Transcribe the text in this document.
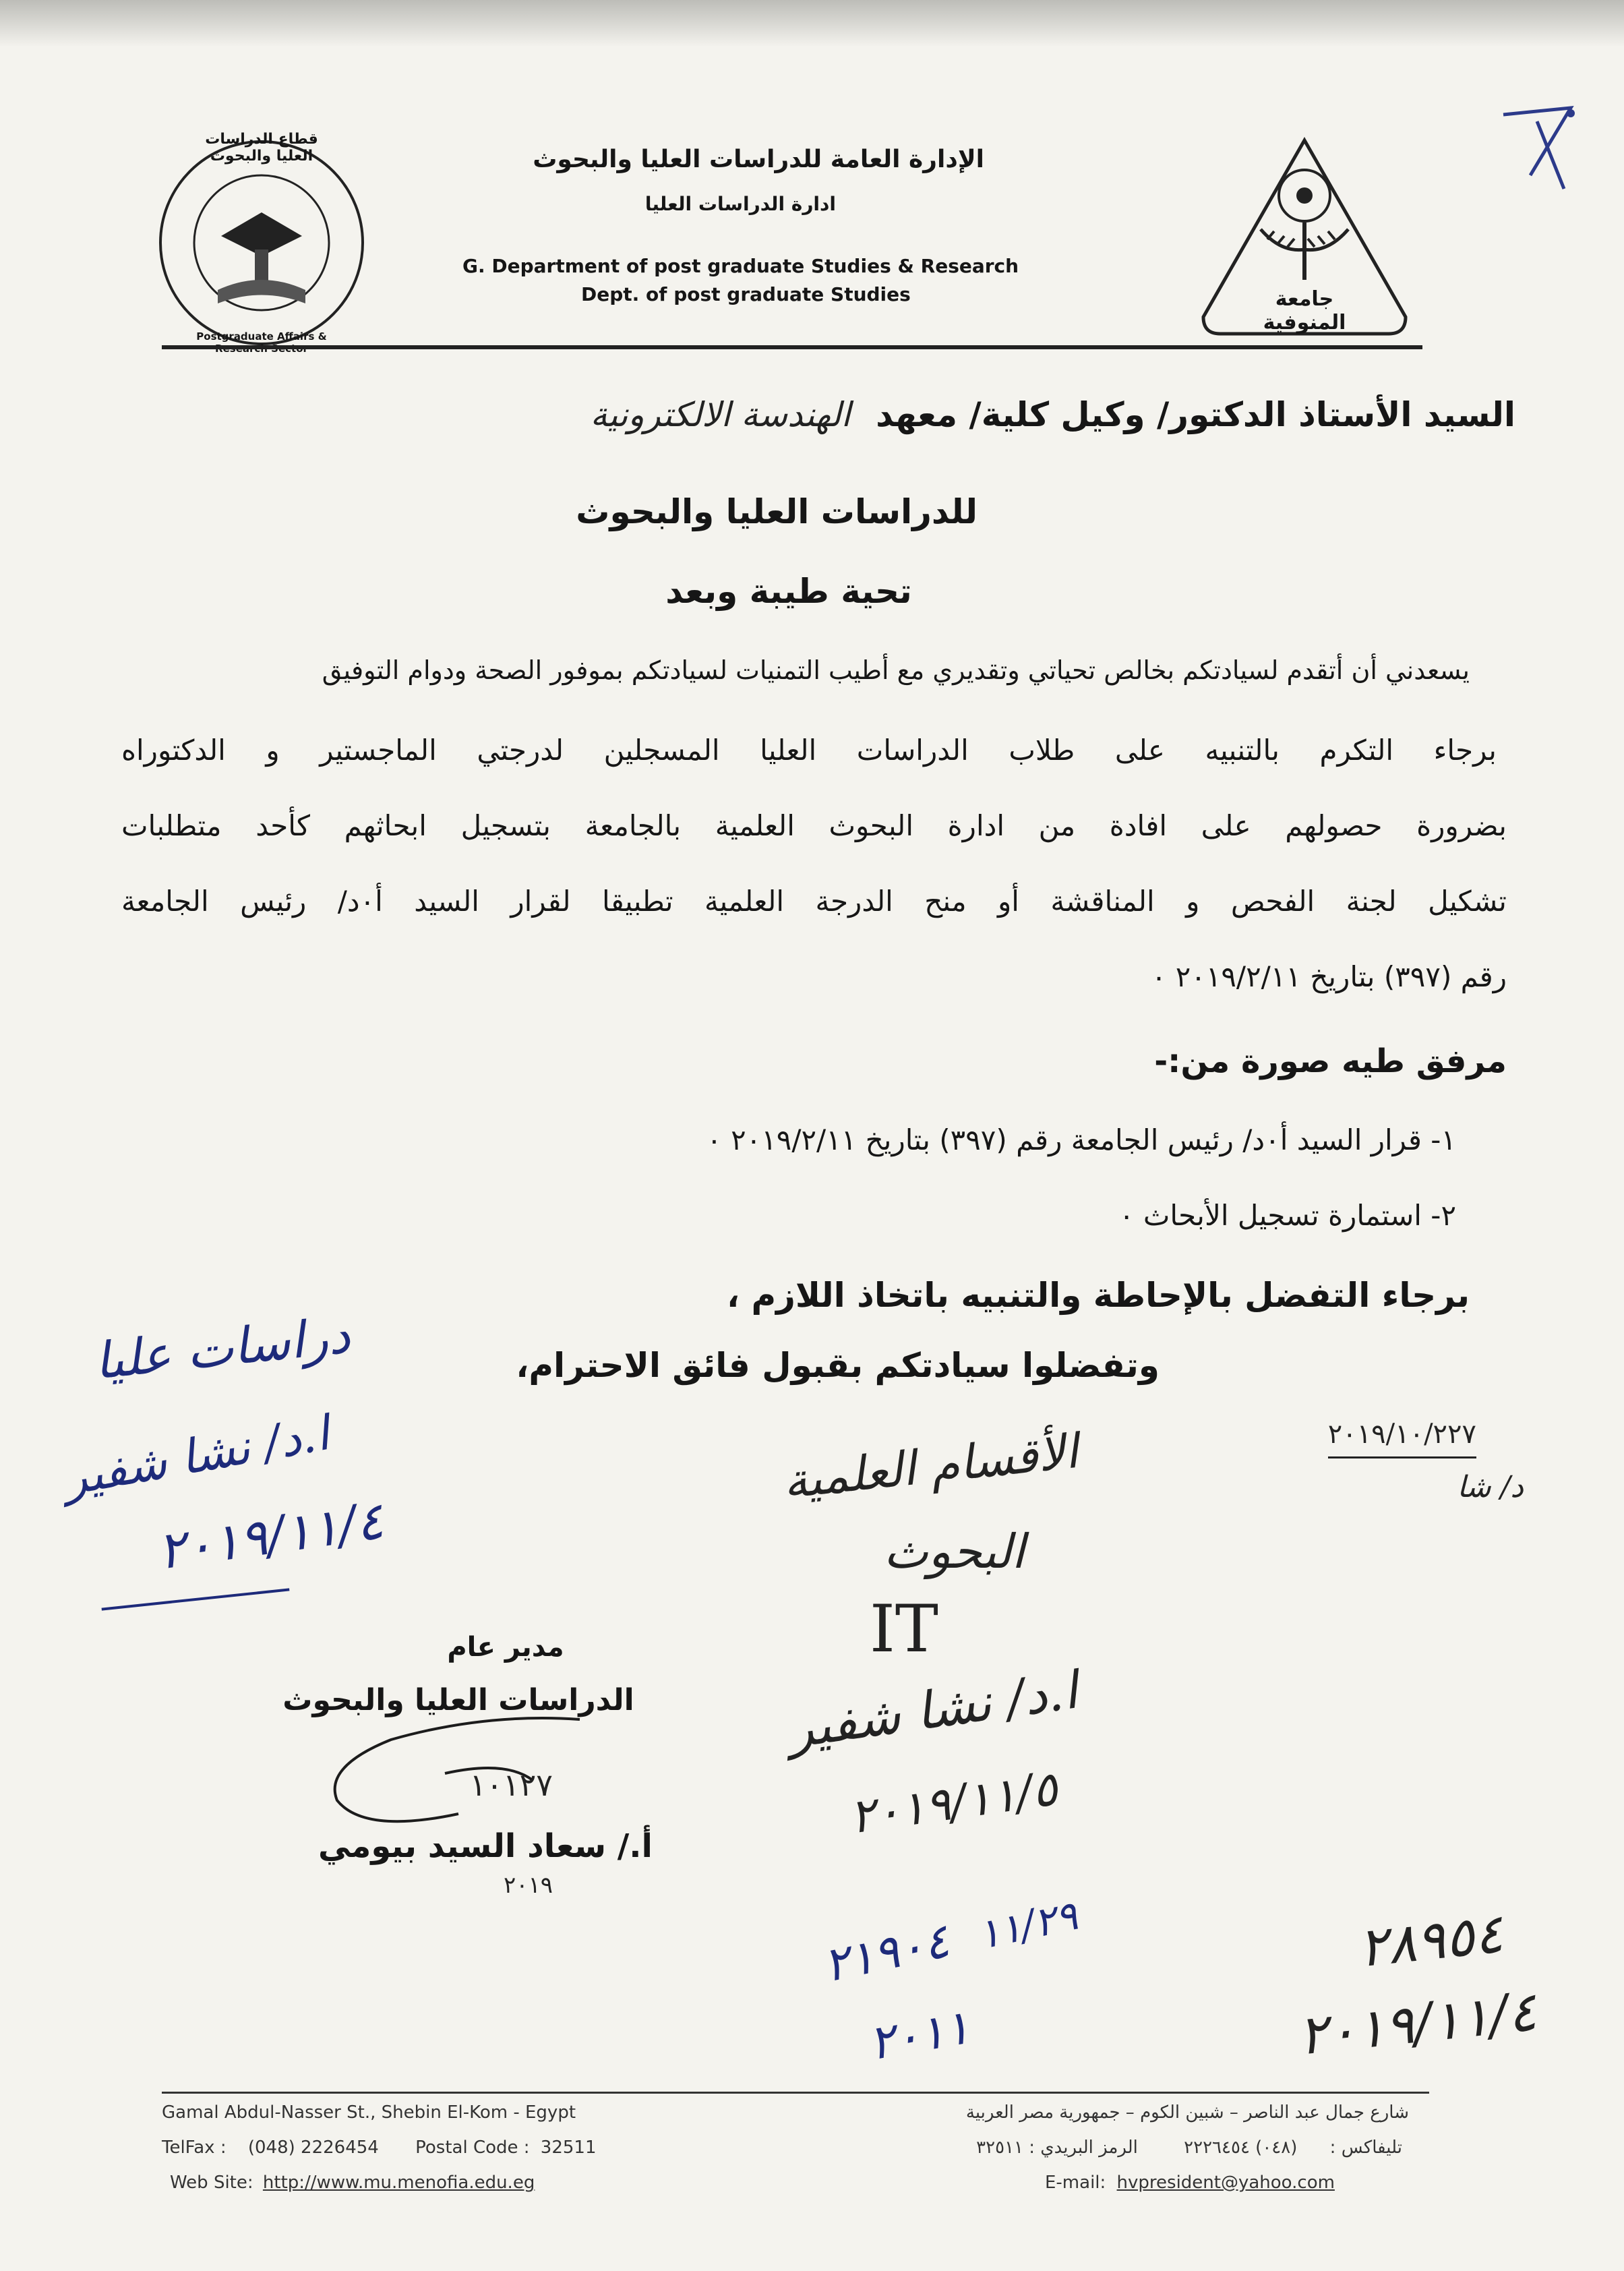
قطاع الدراسات العليا والبحوث
Postgraduate Affairs &
جامعة المنوفية
الإدارة العامة للدراسات العليا والبحوث
ادارة الدراسات العليا
G. Department of post graduate Studies & Research
Dept. of post graduate Studies
السيد الأستاذ الدكتور/ وكيل كلية/ معهد الهندسة الالكترونية
للدراسات العليا والبحوث
تحية طيبة وبعد
يسعدني أن أتقدم لسيادتكم بخالص تحياتي وتقديري مع أطيب التمنيات لسيادتكم بموفور الصحة ودوام التوفيق
برجاء التكرم بالتنبيه على طلاب الدراسات العليا المسجلين لدرجتي الماجستير و الدكتوراه
بضرورة حصولهم على افادة من ادارة البحوث العلمية بالجامعة بتسجيل ابحاثهم كأحد متطلبات
تشكيل لجنة الفحص و المناقشة أو منح الدرجة العلمية تطبيقا لقرار السيد أ٠د/ رئيس الجامعة
رقم (٣٩٧) بتاريخ ٢٠١٩/٢/١١ ٠
مرفق طيه صورة من:-
١- قرار السيد أ٠د/ رئيس الجامعة رقم (٣٩٧) بتاريخ ٢٠١٩/٢/١١ ٠
٢- استمارة تسجيل الأبحاث ٠
برجاء التفضل بالإحاطة والتنبيه باتخاذ اللازم ،
وتفضلوا سيادتكم بقبول فائق الاحترام،
٢٠١٩/١٠/٢٢٧
د/ شا
دراسات عليا
ا.د/ نشا شفير
٢٠١٩/١١/٤
الأقسام العلمية
البحوث
IT
ا.د/ نشا شفير
٢٠١٩/١١/٥
مدير عام
الدراسات العليا والبحوث
١٠١٢٧
أ./ سعاد السيد بيومي
٢٠١٩
٢١٩٠٤ ١١/٢٩
٢٠١١
٢٨٩٥٤
٢٠١٩/١١/٤
Gamal Abdul-Nasser St., Shebin El-Kom - Egypt
TelFax : (048) 2226454 Postal Code : 32511
Web Site: http://www.mu.menofia.edu.eg
شارع جمال عبد الناصر – شبين الكوم – جمهورية مصر العربية
تليفاكس : (٠٤٨) ٢٢٢٦٤٥٤ الرمز البريدي : ٣٢٥١١
E-mail: hvpresident@yahoo.com
